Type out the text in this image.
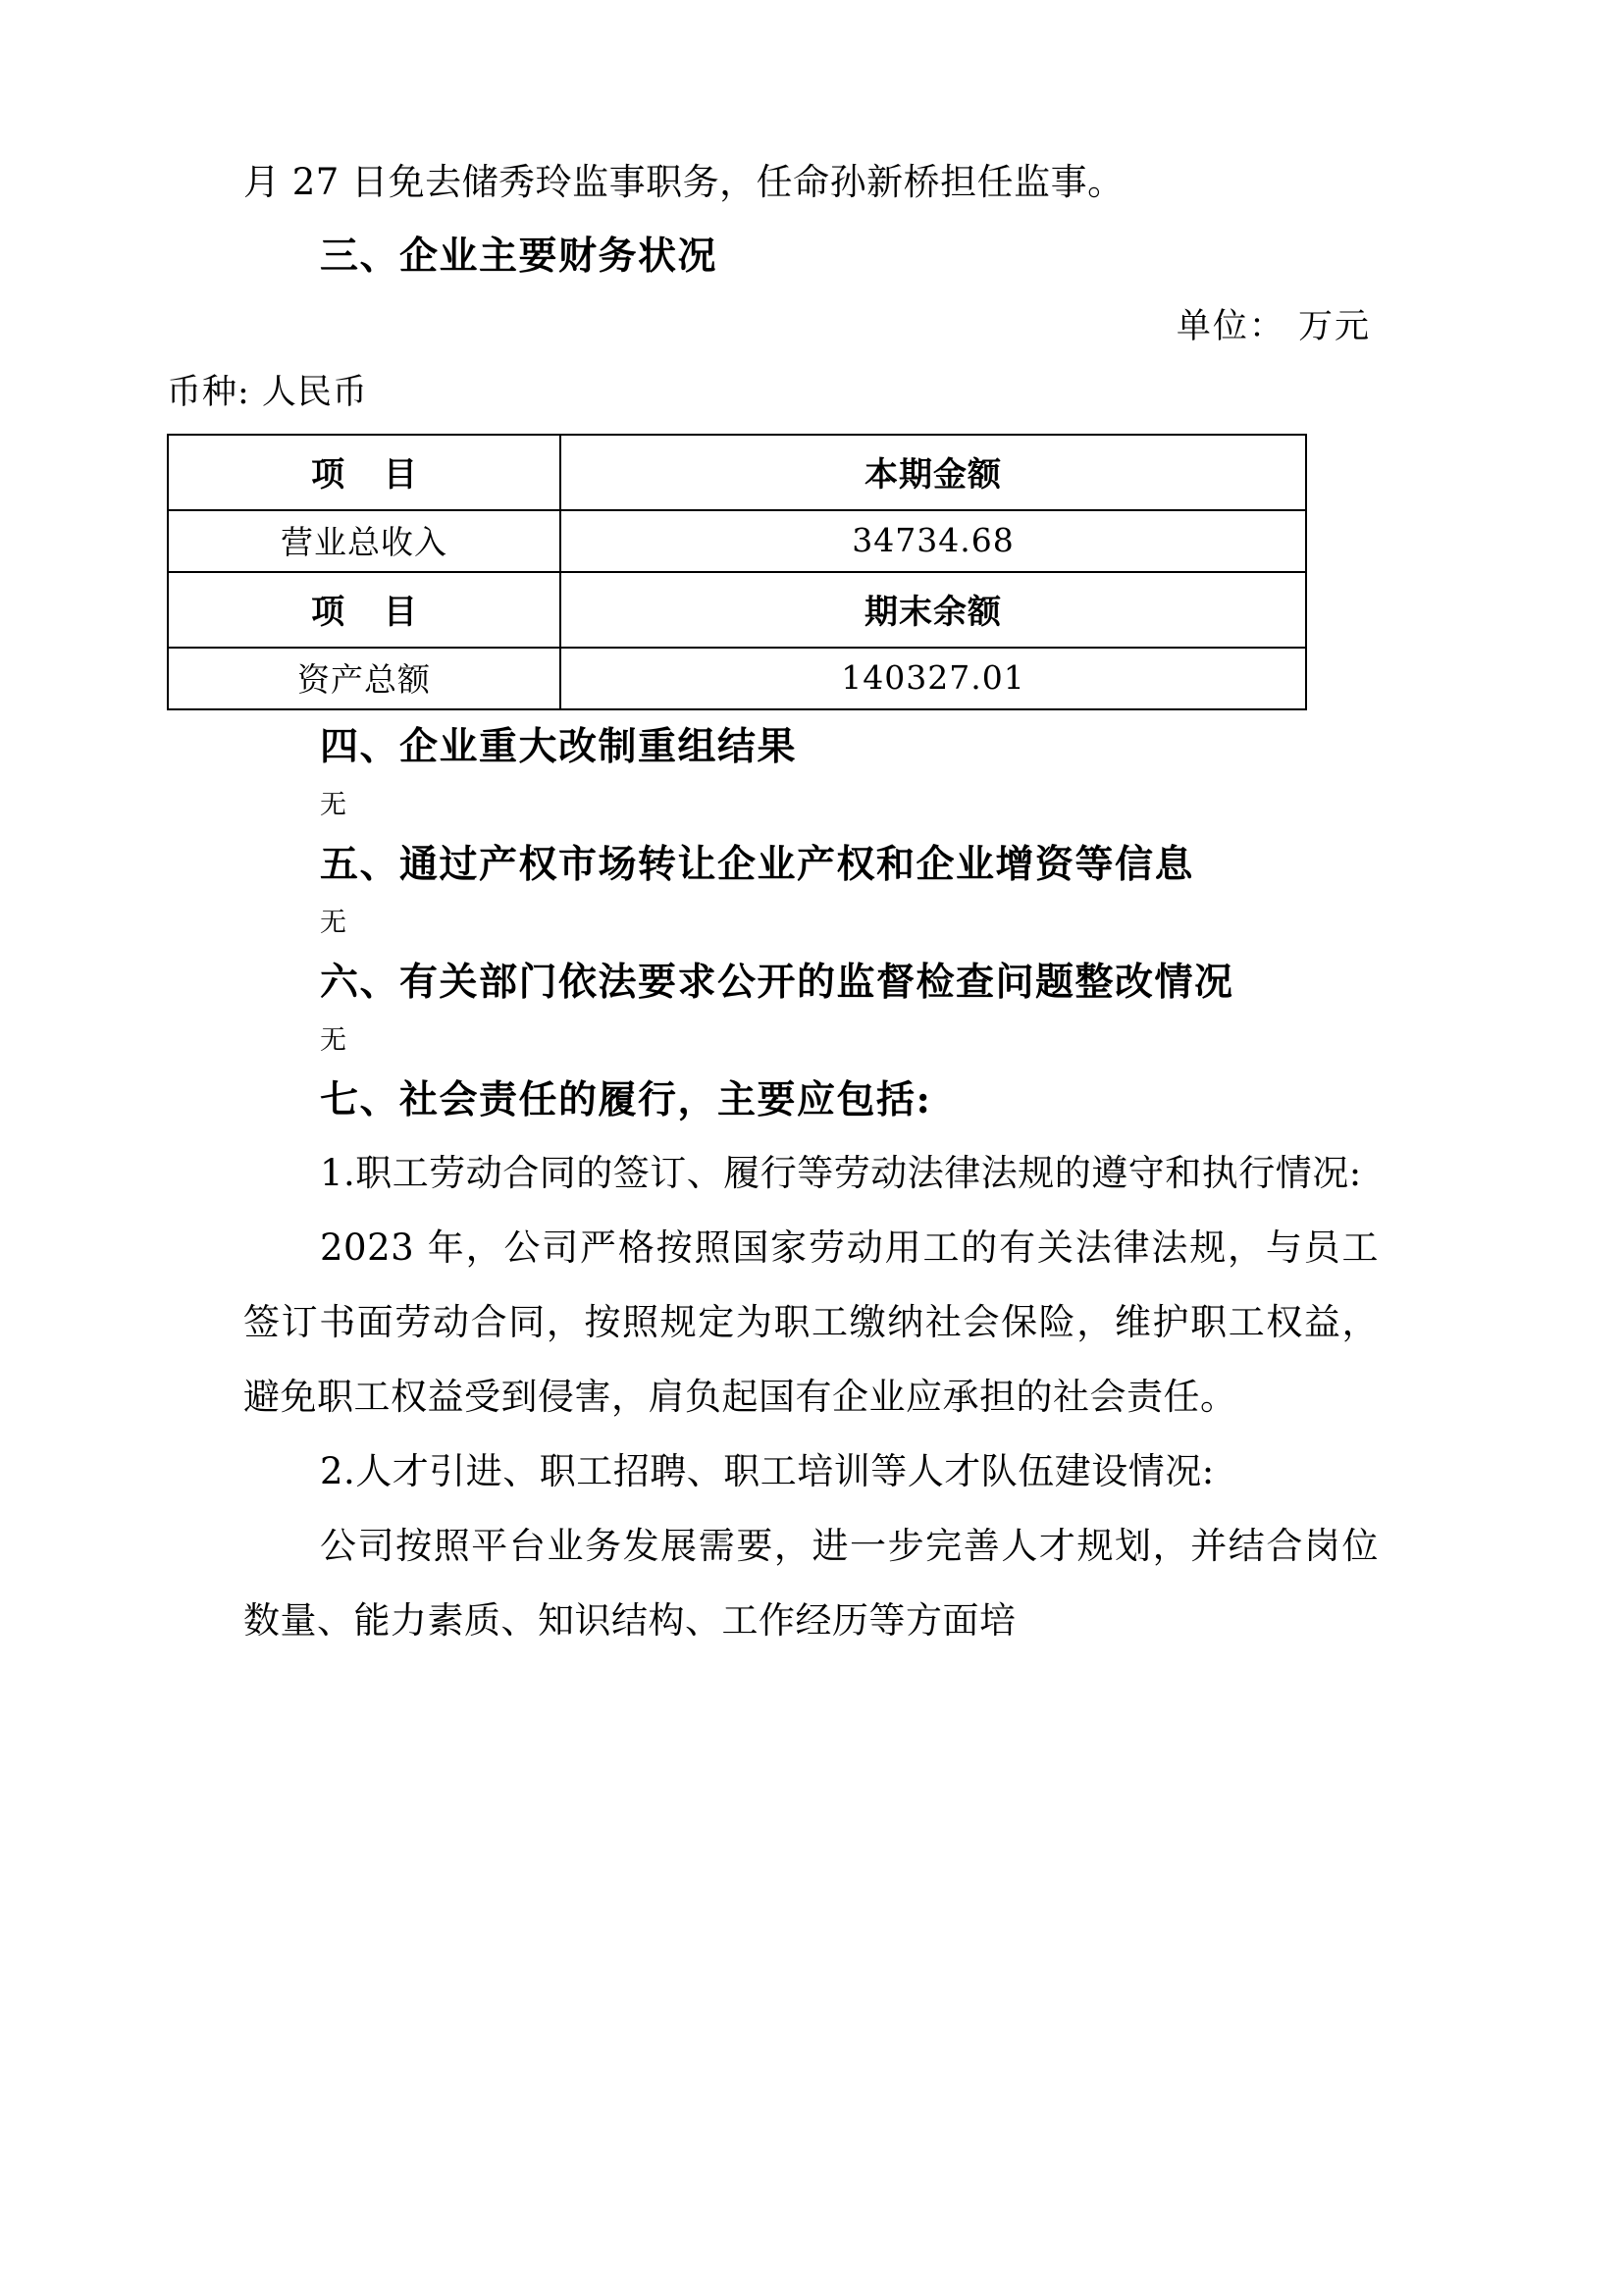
月 27 日免去储秀玲监事职务，任命孙新桥担任监事。
三、企业主要财务状况
单位： 万元
币种: 人民币
项 目	本期金额
营业总收入	34734.68
项 目	期末余额
资产总额	140327.01
四、企业重大改制重组结果
无
五、通过产权市场转让企业产权和企业增资等信息
无
六、有关部门依法要求公开的监督检查问题整改情况
无
七、社会责任的履行，主要应包括:
1.职工劳动合同的签订、履行等劳动法律法规的遵守和执行情况:
2023 年，公司严格按照国家劳动用工的有关法律法规，与员工签订书面劳动合同，按照规定为职工缴纳社会保险，维护职工权益，避免职工权益受到侵害，肩负起国有企业应承担的社会责任。
2.人才引进、职工招聘、职工培训等人才队伍建设情况:
公司按照平台业务发展需要，进一步完善人才规划，并结合岗位数量、能力素质、知识结构、工作经历等方面培
